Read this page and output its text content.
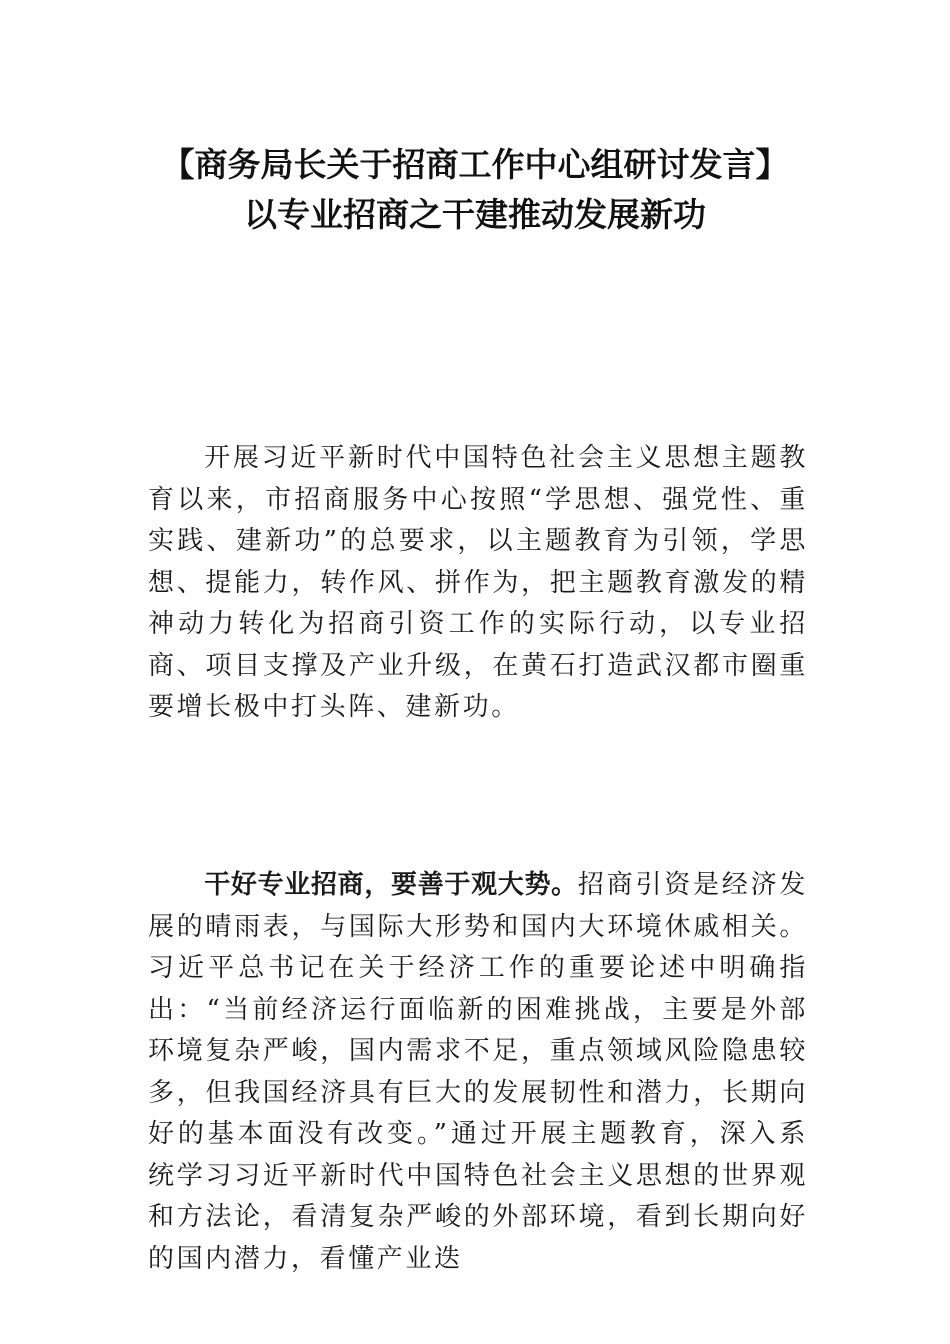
【商务局长关于招商工作中心组研讨发言】
以专业招商之干建推动发展新功
开展习近平新时代中国特色社会主义思想主题教育以来，市招商服务中心按照“学思想、强党性、重实践、建新功”的总要求，以主题教育为引领，学思想、提能力，转作风、拼作为，把主题教育激发的精神动力转化为招商引资工作的实际行动，以专业招商、项目支撑及产业升级，在黄石打造武汉都市圈重要增长极中打头阵、建新功。
干好专业招商，要善于观大势。招商引资是经济发展的晴雨表，与国际大形势和国内大环境休戚相关。习近平总书记在关于经济工作的重要论述中明确指出：“当前经济运行面临新的困难挑战，主要是外部环境复杂严峻，国内需求不足，重点领域风险隐患较多，但我国经济具有巨大的发展韧性和潜力，长期向好的基本面没有改变。”通过开展主题教育，深入系统学习习近平新时代中国特色社会主义思想的世界观和方法论，看清复杂严峻的外部环境，看到长期向好的国内潜力，看懂产业迭
